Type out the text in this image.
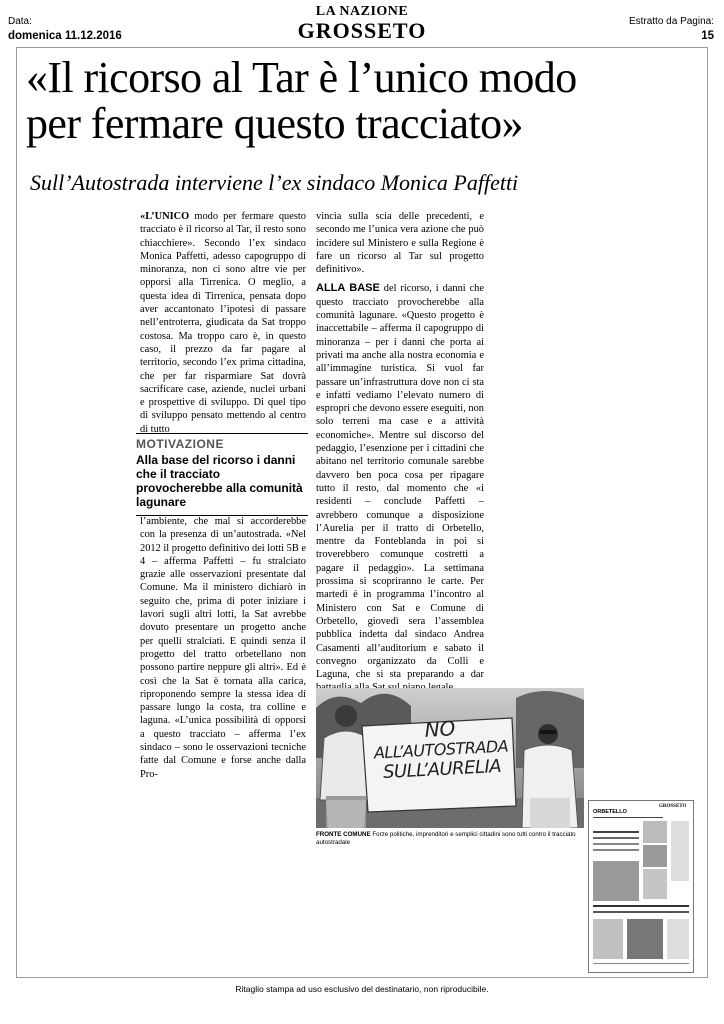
Data:
domenica 11.12.2016
Estratto da Pagina:
15
LA NAZIONE
GROSSETO
«Il ricorso al Tar è l’unico modo
per fermare questo tracciato»
Sull’Autostrada interviene l’ex sindaco Monica Paffetti

«L’UNICO modo per fermare questo tracciato è il ricorso al Tar, il resto sono chiacchiere». Secondo l’ex sindaco Monica Paffetti, adesso capogruppo di minoranza, non ci sono altre vie per opporsi alla Tirrenica. O meglio, a questa idea di Tirrenica, pensata dopo aver accantonato l’ipotesi di passare nell’entroterra, giudicata da Sat troppo costosa. Ma troppo caro è, in questo caso, il prezzo da far pagare al territorio, secondo l’ex prima cittadina, che per far risparmiare Sat dovrà sacrificare case, aziende, nuclei urbani e prospettive di sviluppo. Di quel tipo di sviluppo pensato mettendo al centro di tutto

MOTIVAZIONE
Alla base del ricorso i danni che il tracciato provocherebbe alla comunità lagunare

l’ambiente, che mal si accorderebbe con la presenza di un’autostrada. «Nel 2012 il progetto definitivo dei lotti 5B e 4 – afferma Paffetti – fu stralciato grazie alle osservazioni presentate dal Comune. Ma il ministero dichiarò in seguito che, prima di poter iniziare i lavori sugli altri lotti, la Sat avrebbe dovuto presentare un progetto anche per quelli stralciati. E quindi senza il progetto del tratto orbetellano non possono partire neppure gli altri». Ed è così che la Sat è tornata alla carica, riproponendo sempre la stessa idea di passare lungo la costa, tra colline e laguna. «L’unica possibilità di opporsi a questo tracciato – afferma l’ex sindaco – sono le osservazioni tecniche fatte dal Comune e forse anche dalla Pro-

vincia sulla scia delle precedenti, e secondo me l’unica vera azione che può incidere sul Ministero e sulla Regione è fare un ricorso al Tar sul progetto definitivo».

ALLA BASE del ricorso, i danni che questo tracciato provocherebbe alla comunità lagunare. «Questo progetto è inaccettabile – afferma il capogruppo di minoranza – per i danni che porta ai privati ma anche alla nostra economia e all’immagine turistica. Si vuol far passare un’infrastruttura dove non ci sta e infatti vediamo l’elevato numero di espropri che devono essere eseguiti, non solo terreni ma case e a attività economiche». Mentre sul discorso del pedaggio, l’esenzione per i cittadini che abitano nel territorio comunale sarebbe davvero ben poca cosa per ripagare tutto il resto, dal momento che «i residenti – conclude Paffetti – avrebbero comunque a disposizione l’Aurelia per il tratto di Orbetello, mentre da Fonteblanda in poi si troverebbero comunque costretti a pagare il pedaggio». La settimana prossima si scopriranno le carte. Per martedì è in programma l’incontro al Ministero con Sat e Comune di Orbetello, giovedì sera l’assemblea pubblica indetta dal sindaco Andrea Casamenti all’auditorium e sabato il convegno organizzato da Colli e Laguna, che si sta preparando a dar

NO
ALL’AUTOSTRADA
SULL’AURELIA
FRONTE COMUNE Forze politiche, imprenditori e semplici cittadini sono tutti contro il tracciato autostradale
GROSSETO
ORBETELLO
Ritaglio stampa ad uso esclusivo del destinatario, non riproducibile.
